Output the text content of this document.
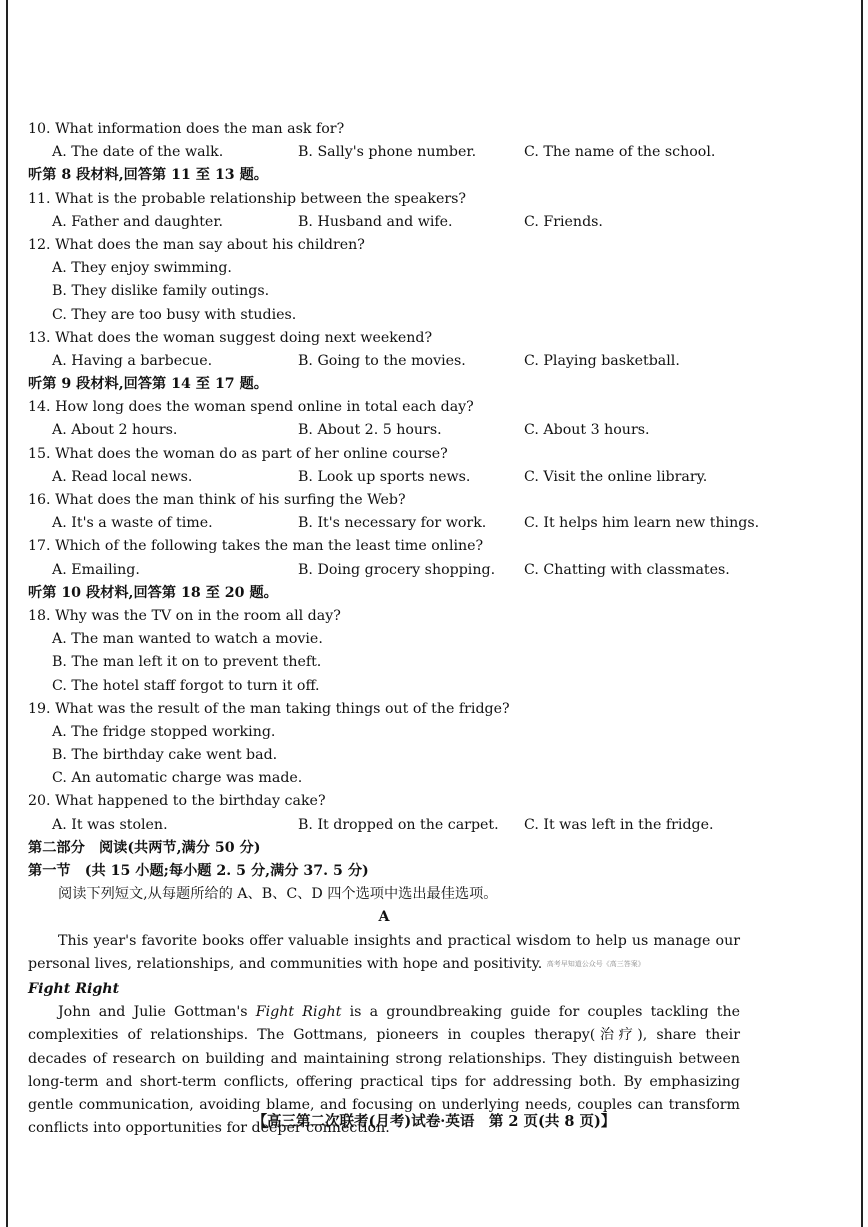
10. What information does the man ask for?
A. The date of the walk.	B. Sally's phone number.	C. The name of the school.
听第 8 段材料,回答第 11 至 13 题。
11. What is the probable relationship between the speakers?
A. Father and daughter.	B. Husband and wife.	C. Friends.
12. What does the man say about his children?
A. They enjoy swimming.
B. They dislike family outings.
C. They are too busy with studies.
13. What does the woman suggest doing next weekend?
A. Having a barbecue.	B. Going to the movies.	C. Playing basketball.
听第 9 段材料,回答第 14 至 17 题。
14. How long does the woman spend online in total each day?
A. About 2 hours.	B. About 2. 5 hours.	C. About 3 hours.
15. What does the woman do as part of her online course?
A. Read local news.	B. Look up sports news.	C. Visit the online library.
16. What does the man think of his surfing the Web?
A. It's a waste of time.	B. It's necessary for work.	C. It helps him learn new things.
17. Which of the following takes the man the least time online?
A. Emailing.	B. Doing grocery shopping. C. Chatting with classmates.
听第 10 段材料,回答第 18 至 20 题。
18. Why was the TV on in the room all day?
A. The man wanted to watch a movie.
B. The man left it on to prevent theft.
C. The hotel staff forgot to turn it off.
19. What was the result of the man taking things out of the fridge?
A. The fridge stopped working.
B. The birthday cake went bad.
C. An automatic charge was made.
20. What happened to the birthday cake?
A. It was stolen.	B. It dropped on the carpet. C. It was left in the fridge.
第二部分　阅读(共两节,满分 50 分)
第一节　(共 15 小题;每小题 2. 5 分,满分 37. 5 分)
阅读下列短文,从每题所给的 A、B、C、D 四个选项中选出最佳选项。
A
This year's favorite books offer valuable insights and practical wisdom to help us manage our personal lives, relationships, and communities with hope and positivity. 高考早知道公众号《高三答案》
Fight Right
John and Julie Gottman's Fight Right is a groundbreaking guide for couples tackling the complexities of relationships. The Gottmans, pioneers in couples therapy(治疗), share their decades of research on building and maintaining strong relationships. They distinguish between long-term and short-term conflicts, offering practical tips for addressing both. By emphasizing gentle communication, avoiding blame, and focusing on underlying needs, couples can transform conflicts into opportunities for deeper connection.
【高三第二次联考(月考)试卷·英语　第 2 页(共 8 页)】
